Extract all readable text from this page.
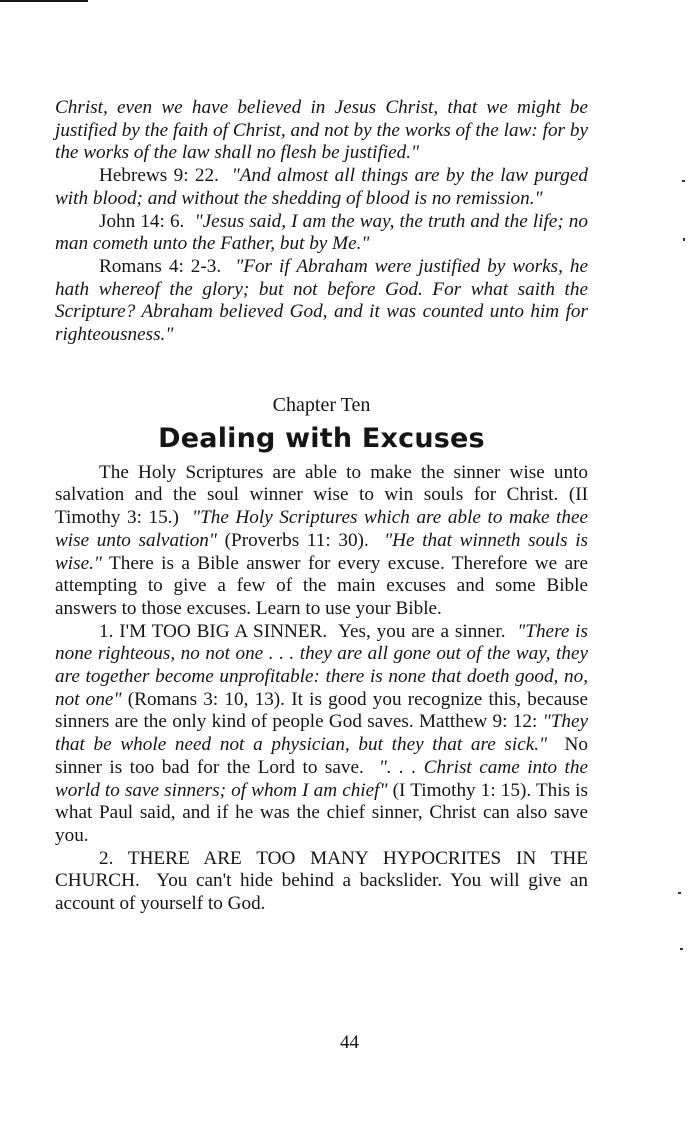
Christ, even we have believed in Jesus Christ, that we might be justified by the faith of Christ, and not by the works of the law: for by the works of the law shall no flesh be justified."

Hebrews 9: 22. "And almost all things are by the law purged with blood; and without the shedding of blood is no remission."

John 14: 6. "Jesus said, I am the way, the truth and the life; no man cometh unto the Father, but by Me."

Romans 4: 2-3. "For if Abraham were justified by works, he hath whereof the glory; but not before God. For what saith the Scripture? Abraham believed God, and it was counted unto him for righteousness."

Chapter Ten
Dealing with Excuses

The Holy Scriptures are able to make the sinner wise unto salvation and the soul winner wise to win souls for Christ. (II Timothy 3: 15.) "The Holy Scriptures which are able to make thee wise unto salvation" (Proverbs 11: 30). "He that winneth souls is wise." There is a Bible answer for every excuse. Therefore we are attempting to give a few of the main excuses and some Bible answers to those excuses. Learn to use your Bible.

1. I'M TOO BIG A SINNER. Yes, you are a sinner. "There is none righteous, no not one . . . they are all gone out of the way, they are together become unprofitable: there is none that doeth good, no, not one" (Romans 3: 10, 13). It is good you recognize this, because sinners are the only kind of people God saves. Matthew 9: 12: "They that be whole need not a physician, but they that are sick." No sinner is too bad for the Lord to save. ". . . Christ came into the world to save sinners; of whom I am chief" (I Timothy 1: 15). This is what Paul said, and if he was the chief sinner, Christ can also save you.

2. THERE ARE TOO MANY HYPOCRITES IN THE CHURCH. You can't hide behind a backslider. You will give an account of yourself to God.

44
